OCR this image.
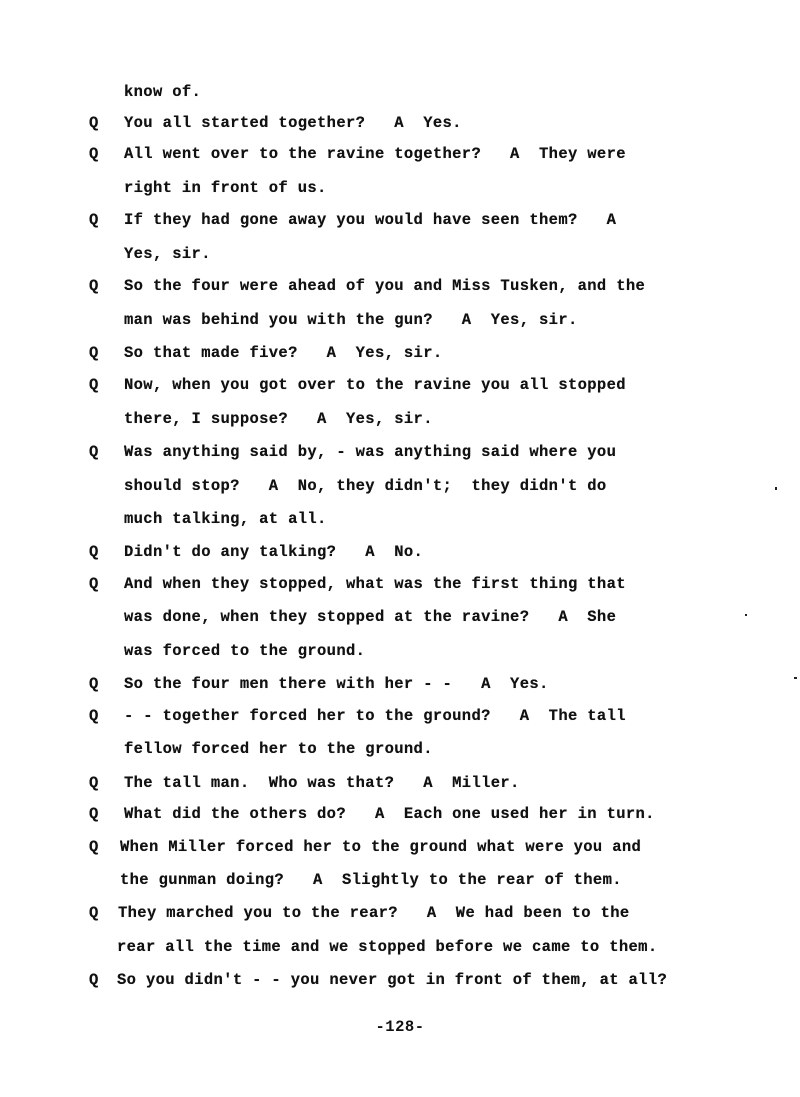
know of.

Q

You all started together?   A  Yes.

Q

All went over to the ravine together?   A  They were

right in front of us.

Q

If they had gone away you would have seen them?   A

Yes, sir.

Q

So the four were ahead of you and Miss Tusken, and the

man was behind you with the gun?   A  Yes, sir.

Q

So that made five?   A  Yes, sir.

Q

Now, when you got over to the ravine you all stopped

there, I suppose?   A  Yes, sir.

Q

Was anything said by, - was anything said where you

should stop?   A  No, they didn't;  they didn't do

much talking, at all.

Q

Didn't do any talking?   A  No.

Q

And when they stopped, what was the first thing that

was done, when they stopped at the ravine?   A  She

was forced to the ground.

Q

So the four men there with her - -   A  Yes.

Q

- - together forced her to the ground?   A  The tall

fellow forced her to the ground.

Q

The tall man.  Who was that?   A  Miller.

Q

What did the others do?   A  Each one used her in turn.

Q

When Miller forced her to the ground what were you and

the gunman doing?   A  Slightly to the rear of them.

Q

They marched you to the rear?   A  We had been to the

rear all the time and we stopped before we came to them.

Q

So you didn't - - you never got in front of them, at all?

-128-
